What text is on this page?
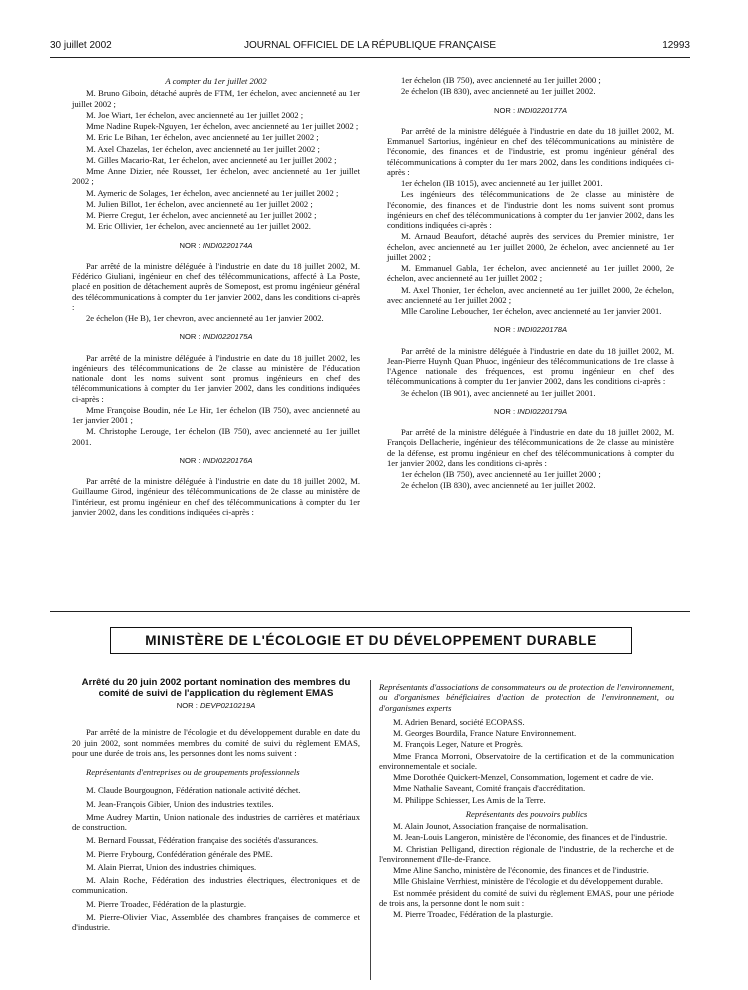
30 juillet 2002	JOURNAL OFFICIEL DE LA RÉPUBLIQUE FRANÇAISE	12993

A compter du 1er juillet 2002

M. Bruno Giboin, détaché auprès de FTM, 1er échelon, avec ancienneté au 1er juillet 2002 ;

M. Joe Wiart, 1er échelon, avec ancienneté au 1er juillet 2002 ;

Mme Nadine Rupek-Nguyen, 1er échelon, avec ancienneté au 1er juillet 2002 ;

M. Eric Le Bihan, 1er échelon, avec ancienneté au 1er juillet 2002 ;

M. Axel Chazelas, 1er échelon, avec ancienneté au 1er juillet 2002 ;

M. Gilles Macario-Rat, 1er échelon, avec ancienneté au 1er juillet 2002 ;

Mme Anne Dizier, née Rousset, 1er échelon, avec ancienneté au 1er juillet 2002 ;

M. Aymeric de Solages, 1er échelon, avec ancienneté au 1er juillet 2002 ;

M. Julien Billot, 1er échelon, avec ancienneté au 1er juillet 2002 ;

M. Pierre Cregut, 1er échelon, avec ancienneté au 1er juillet 2002 ;

M. Eric Ollivier, 1er échelon, avec ancienneté au 1er juillet 2002.

NOR : INDI0220174A

Par arrêté de la ministre déléguée à l'industrie en date du 18 juillet 2002, M. Fédérico Giuliani, ingénieur en chef des télécommunications, affecté à La Poste, placé en position de détachement auprès de Somepost, est promu ingénieur général des télécommunications à compter du 1er janvier 2002, dans les conditions ci-après :

2e échelon (He B), 1er chevron, avec ancienneté au 1er janvier 2002.

NOR : INDI0220175A

Par arrêté de la ministre déléguée à l'industrie en date du 18 juillet 2002, les ingénieurs des télécommunications de 2e classe au ministère de l'éducation nationale dont les noms suivent sont promus ingénieurs en chef des télécommunications à compter du 1er janvier 2002, dans les conditions indiquées ci-après :

Mme Françoise Boudin, née Le Hir, 1er échelon (IB 750), avec ancienneté au 1er janvier 2001 ;

M. Christophe Lerouge, 1er échelon (IB 750), avec ancienneté au 1er juillet 2001.

NOR : INDI0220176A

Par arrêté de la ministre déléguée à l'industrie en date du 18 juillet 2002, M. Guillaume Girod, ingénieur des télécommunications de 2e classe au ministère de l'intérieur, est promu ingénieur en chef des télécommunications à compter du 1er janvier 2002, dans les conditions indiquées ci-après :

1er échelon (IB 750), avec ancienneté au 1er juillet 2000 ;

2e échelon (IB 830), avec ancienneté au 1er juillet 2002.

NOR : INDI0220177A

Par arrêté de la ministre déléguée à l'industrie en date du 18 juillet 2002, M. Emmanuel Sartorius, ingénieur en chef des télécommunications au ministère de l'économie, des finances et de l'industrie, est promu ingénieur général des télécommunications à compter du 1er mars 2002, dans les conditions indiquées ci-après :

1er échelon (IB 1015), avec ancienneté au 1er juillet 2001.

Les ingénieurs des télécommunications de 2e classe au ministère de l'économie, des finances et de l'industrie dont les noms suivent sont promus ingénieurs en chef des télécommunications à compter du 1er janvier 2002, dans les conditions indiquées ci-après :

M. Arnaud Beaufort, détaché auprès des services du Premier ministre, 1er échelon, avec ancienneté au 1er juillet 2000, 2e échelon, avec ancienneté au 1er juillet 2002 ;

M. Emmanuel Gabla, 1er échelon, avec ancienneté au 1er juillet 2000, 2e échelon, avec ancienneté au 1er juillet 2002 ;

M. Axel Thonier, 1er échelon, avec ancienneté au 1er juillet 2000, 2e échelon, avec ancienneté au 1er juillet 2002 ;

Mlle Caroline Leboucher, 1er échelon, avec ancienneté au 1er janvier 2001.

NOR : INDI0220178A

Par arrêté de la ministre déléguée à l'industrie en date du 18 juillet 2002, M. Jean-Pierre Huynh Quan Phuoc, ingénieur des télécommunications de 1re classe à l'Agence nationale des fréquences, est promu ingénieur en chef des télécommunications à compter du 1er janvier 2002, dans les conditions ci-après :

3e échelon (IB 901), avec ancienneté au 1er juillet 2001.

NOR : INDI0220179A

Par arrêté de la ministre déléguée à l'industrie en date du 18 juillet 2002, M. François Dellacherie, ingénieur des télécommunications de 2e classe au ministère de la défense, est promu ingénieur en chef des télécommunications à compter du 1er janvier 2002, dans les conditions ci-après :

1er échelon (IB 750), avec ancienneté au 1er juillet 2000 ;

2e échelon (IB 830), avec ancienneté au 1er juillet 2002.

MINISTÈRE DE L'ÉCOLOGIE ET DU DÉVELOPPEMENT DURABLE

Arrêté du 20 juin 2002 portant nomination des membres du comité de suivi de l'application du règlement EMAS

NOR : DEVP0210219A

Par arrêté de la ministre de l'écologie et du développement durable en date du 20 juin 2002, sont nommées membres du comité de suivi du règlement EMAS, pour une durée de trois ans, les personnes dont les noms suivent :

Représentants d'entreprises ou de groupements professionnels

M. Claude Bourgougnon, Fédération nationale activité déchet.

M. Jean-François Gibier, Union des industries textiles.

Mme Audrey Martin, Union nationale des industries de carrières et matériaux de construction.

M. Bernard Foussat, Fédération française des sociétés d'assurances.

M. Pierre Frybourg, Confédération générale des PME.

M. Alain Pierrat, Union des industries chimiques.

M. Alain Roche, Fédération des industries électriques, électroniques et de communication.

M. Pierre Troadec, Fédération de la plasturgie.

M. Pierre-Olivier Viac, Assemblée des chambres françaises de commerce et d'industrie.

Représentants d'associations de consommateurs ou de protection de l'environnement, ou d'organismes bénéficiaires d'action de protection de l'environnement, ou d'organismes experts

M. Adrien Benard, société ECOPASS.

M. Georges Bourdila, France Nature Environnement.

M. François Leger, Nature et Progrès.

Mme Franca Morroni, Observatoire de la certification et de la communication environnementale et sociale.

Mme Dorothée Quickert-Menzel, Consommation, logement et cadre de vie.

Mme Nathalie Saveant, Comité français d'accréditation.

M. Philippe Schiesser, Les Amis de la Terre.

Représentants des pouvoirs publics

M. Alain Jounot, Association française de normalisation.

M. Jean-Louis Langeron, ministère de l'économie, des finances et de l'industrie.

M. Christian Pelligand, direction régionale de l'industrie, de la recherche et de l'environnement d'Ile-de-France.

Mme Aline Sancho, ministère de l'économie, des finances et de l'industrie.

Mlle Ghislaine Verrhiest, ministère de l'écologie et du développement durable.

Est nommée président du comité de suivi du règlement EMAS, pour une période de trois ans, la personne dont le nom suit :

M. Pierre Troadec, Fédération de la plasturgie.
